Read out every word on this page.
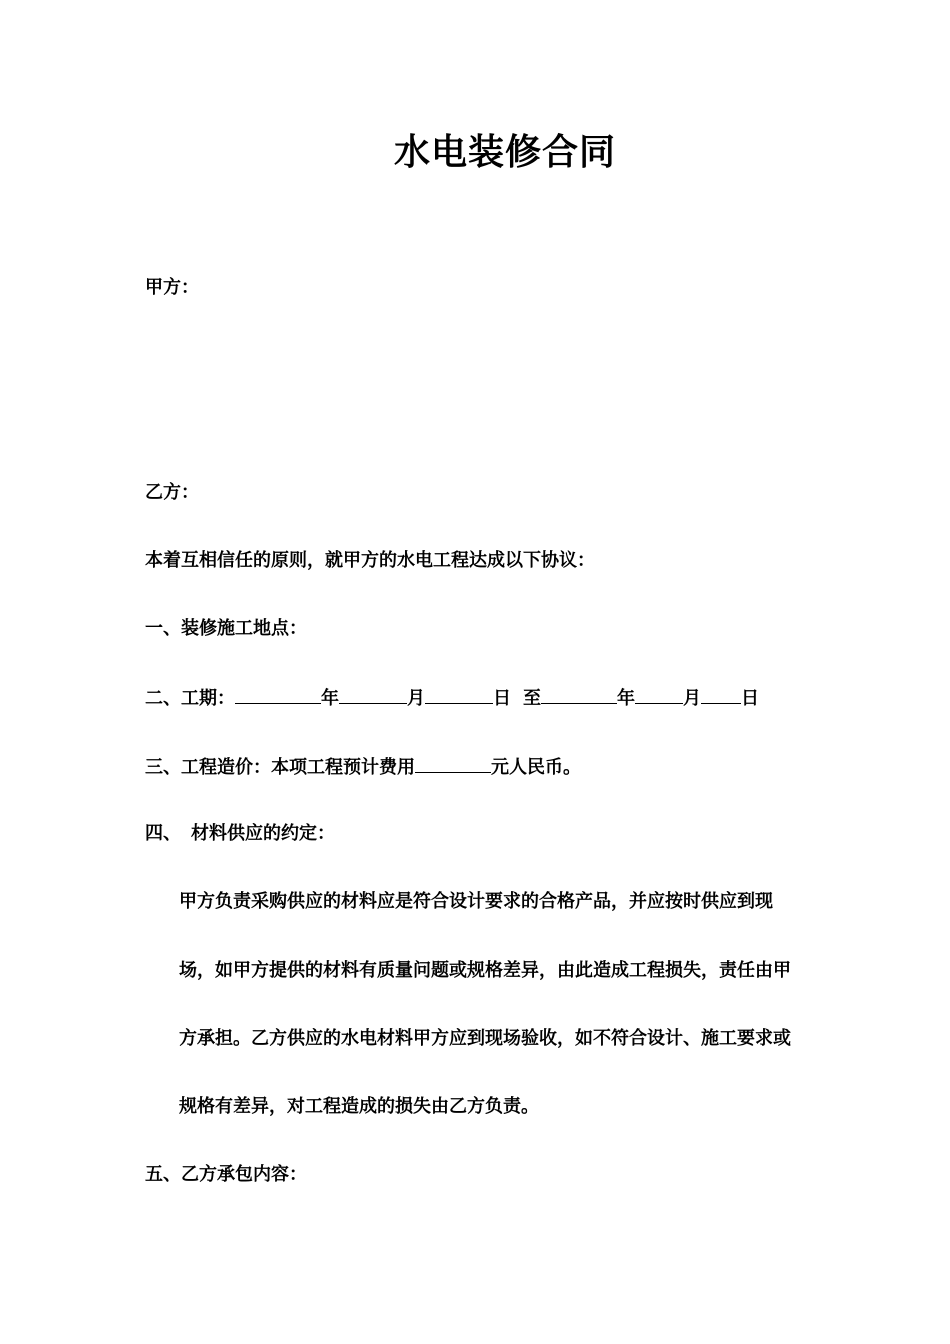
水电装修合同
甲方：
乙方：
本着互相信任的原则，就甲方的水电工程达成以下协议：
一、装修施工地点：
二、工期：	年	月	日 至	年	月 日
三、工程造价：本项工程预计费用	元人民币。
四、 材料供应的约定：
甲方负责采购供应的材料应是符合设计要求的合格产品，并应按时供应到现
场，如甲方提供的材料有质量问题或规格差异，由此造成工程损失，责任由甲
方承担。乙方供应的水电材料甲方应到现场验收，如不符合设计、施工要求或
规格有差异，对工程造成的损失由乙方负责。
五、乙方承包内容：
